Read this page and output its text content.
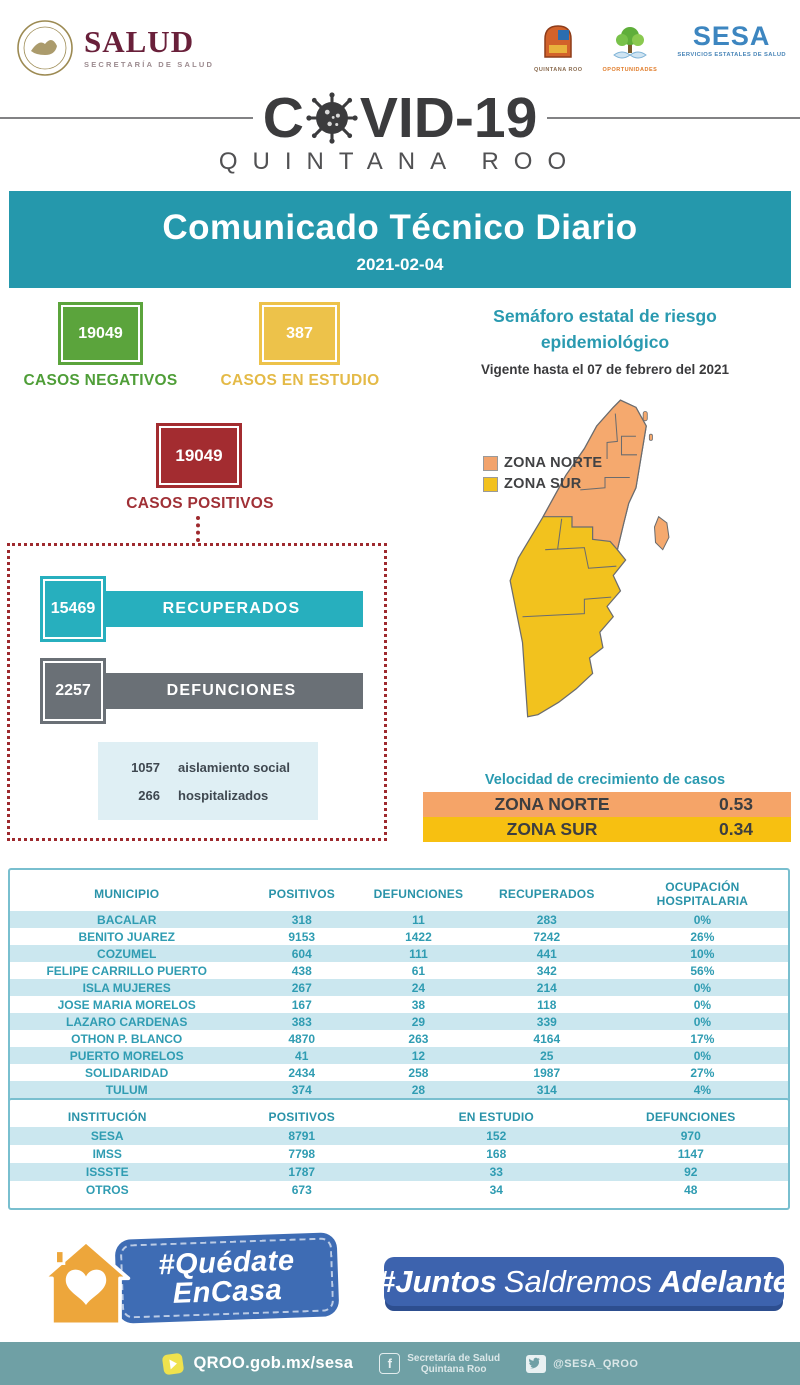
SALUD
SECRETARÍA DE SALUD
QUINTANA ROO	OPORTUNIDADES
SESA
SERVICIOS ESTATALES DE SALUD
C VID-19
QUINTANA ROO
Comunicado Técnico Diario
2021-02-04
19049
CASOS NEGATIVOS
387
CASOS EN ESTUDIO
19049
CASOS POSITIVOS
15469	RECUPERADOS
2257	DEFUNCIONES
1057 aislamiento social
266 hospitalizados
Semáforo estatal de riesgo
epidemiológico
Vigente hasta el 07 de febrero del 2021
ZONA NORTE
ZONA SUR
Velocidad de crecimiento de casos
ZONA NORTE	0.53
ZONA SUR	0.34
MUNICIPIO	POSITIVOS	DEFUNCIONES	RECUPERADOS	OCUPACIÓN HOSPITALARIA
BACALAR	318	11	283	0%
BENITO JUAREZ	9153	1422	7242	26%
COZUMEL	604	111	441	10%
FELIPE CARRILLO PUERTO	438	61	342	56%
ISLA MUJERES	267	24	214	0%
JOSE MARIA MORELOS	167	38	118	0%
LAZARO CARDENAS	383	29	339	0%
OTHON P. BLANCO	4870	263	4164	17%
PUERTO MORELOS	41	12	25	0%
SOLIDARIDAD	2434	258	1987	27%
TULUM	374	28	314	4%
INSTITUCIÓN	POSITIVOS	EN ESTUDIO	DEFUNCIONES
SESA	8791	152	970
IMSS	7798	168	1147
ISSSTE	1787	33	92
OTROS	673	34	48
#Quédate
EnCasa	#Juntos Saldremos Adelante
QROO.gob.mx/sesa	f	Secretaría de Salud
Quintana Roo	@SESA_QROO
